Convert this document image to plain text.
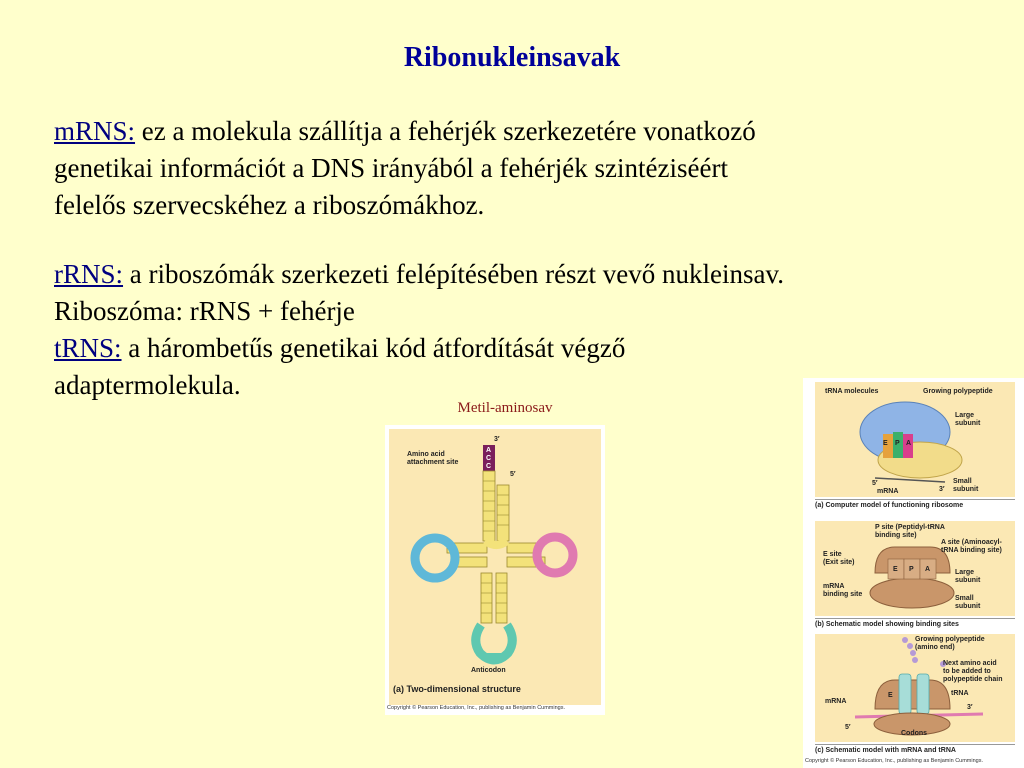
Ribonukleinsavak
mRNS: ez a molekula szállítja a fehérjék szerkezetére vonatkozó
genetikai információt a DNS irányából a fehérjék szintéziséért
felelős szervecskéhez a riboszómákhoz.
rRNS: a riboszómák szerkezeti felépítésében részt vevő nukleinsav.
Riboszóma: rRNS + fehérje
tRNS: a hárombetűs genetikai kód átfordítását végző
adaptermolekula.
Metil-aminosav
3′
A
C
C
5′
Amino acid
attachment site
Anticodon
(a) Two-dimensional structure
Copyright © Pearson Education, Inc., publishing as Benjamin Cummings.
tRNA molecules	Growing polypeptide
Large
subunit
Small
subunit
E P A
5′
mRNA	3′
(a) Computer model of functioning ribosome
P site (Peptidyl-tRNA
binding site)
A site (Aminoacyl-
tRNA binding site)
E site
(Exit site)
mRNA
binding site
Large
subunit
Small
subunit
E P A
(b) Schematic model showing binding sites
Growing polypeptide
(amino end)
Next amino acid
to be added to
polypeptide chain
tRNA
mRNA
3′
5′
E
Codons
(c) Schematic model with mRNA and tRNA
Copyright © Pearson Education, Inc., publishing as Benjamin Cummings.
